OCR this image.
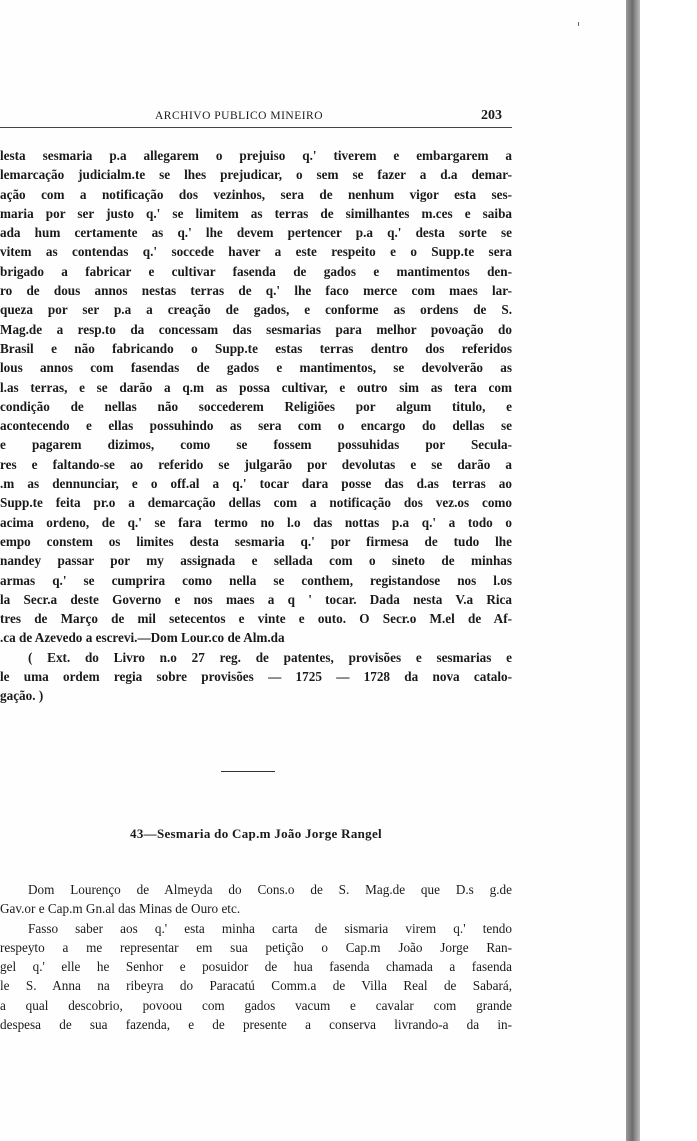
ARCHIVO PUBLICO MINEIRO	203
lesta sesmaria p.a allegarem o prejuiso q.' tiverem e embargarem a
lemarcação judicialm.te se lhes prejudicar, o sem se fazer a d.a demar-
ação com a notificação dos vezinhos, sera de nenhum vigor esta ses-
maria por ser justo q.' se limitem as terras de similhantes m.ces e saiba
ada hum certamente as q.' lhe devem pertencer p.a q.' desta sorte se
vitem as contendas q.' soccede haver a este respeito e o Supp.te sera
brigado a fabricar e cultivar fasenda de gados e mantimentos den-
ro de dous annos nestas terras de q.' lhe faco merce com maes lar-
queza por ser p.a a creação de gados, e conforme as ordens de S.
Mag.de a resp.to da concessam das sesmarias para melhor povoação do
Brasil e não fabricando o Supp.te estas terras dentro dos referidos
lous annos com fasendas de gados e mantimentos, se devolverão as
l.as terras, e se darão a q.m as possa cultivar, e outro sim as tera com
condição de nellas não soccederem Religiões por algum titulo, e
acontecendo e ellas possuhindo as sera com o encargo do dellas se
e pagarem dizimos, como se fossem possuhidas por Secula-
res e faltando-se ao referido se julgarão por devolutas e se darão a
.m as dennunciar, e o off.al a q.' tocar dara posse das d.as terras ao
Supp.te feita pr.o a demarcação dellas com a notificação dos vez.os como
acima ordeno, de q.' se fara termo no l.o das nottas p.a q.' a todo o
empo constem os limites desta sesmaria q.' por firmesa de tudo lhe
nandey passar por my assignada e sellada com o sineto de minhas
armas q.' se cumprira como nella se conthem, registandose nos l.os
la Secr.a deste Governo e nos maes a q ' tocar. Dada nesta V.a Rica
tres de Março de mil setecentos e vinte e outo. O Secr.o M.el de Af-
.ca de Azevedo a escrevi.—Dom Lour.co de Alm.da
( Ext. do Livro n.o 27 reg. de patentes, provisões e sesmarias e
le uma ordem regia sobre provisões — 1725 — 1728 da nova catalo-
gação. )
43—Sesmaria do Cap.m João Jorge Rangel
Dom Lourenço de Almeyda do Cons.o de S. Mag.de que D.s g.de
Gav.or e Cap.m Gn.al das Minas de Ouro etc.
Fasso saber aos q.' esta minha carta de sismaria virem q.' tendo
respeyto a me representar em sua petição o Cap.m João Jorge Ran-
gel q.' elle he Senhor e posuidor de hua fasenda chamada a fasenda
le S. Anna na ribeyra do Paracatú Comm.a de Villa Real de Sabará,
a qual descobrio, povoou com gados vacum e cavalar com grande
despesa de sua fazenda, e de presente a conserva livrando-a da in-
